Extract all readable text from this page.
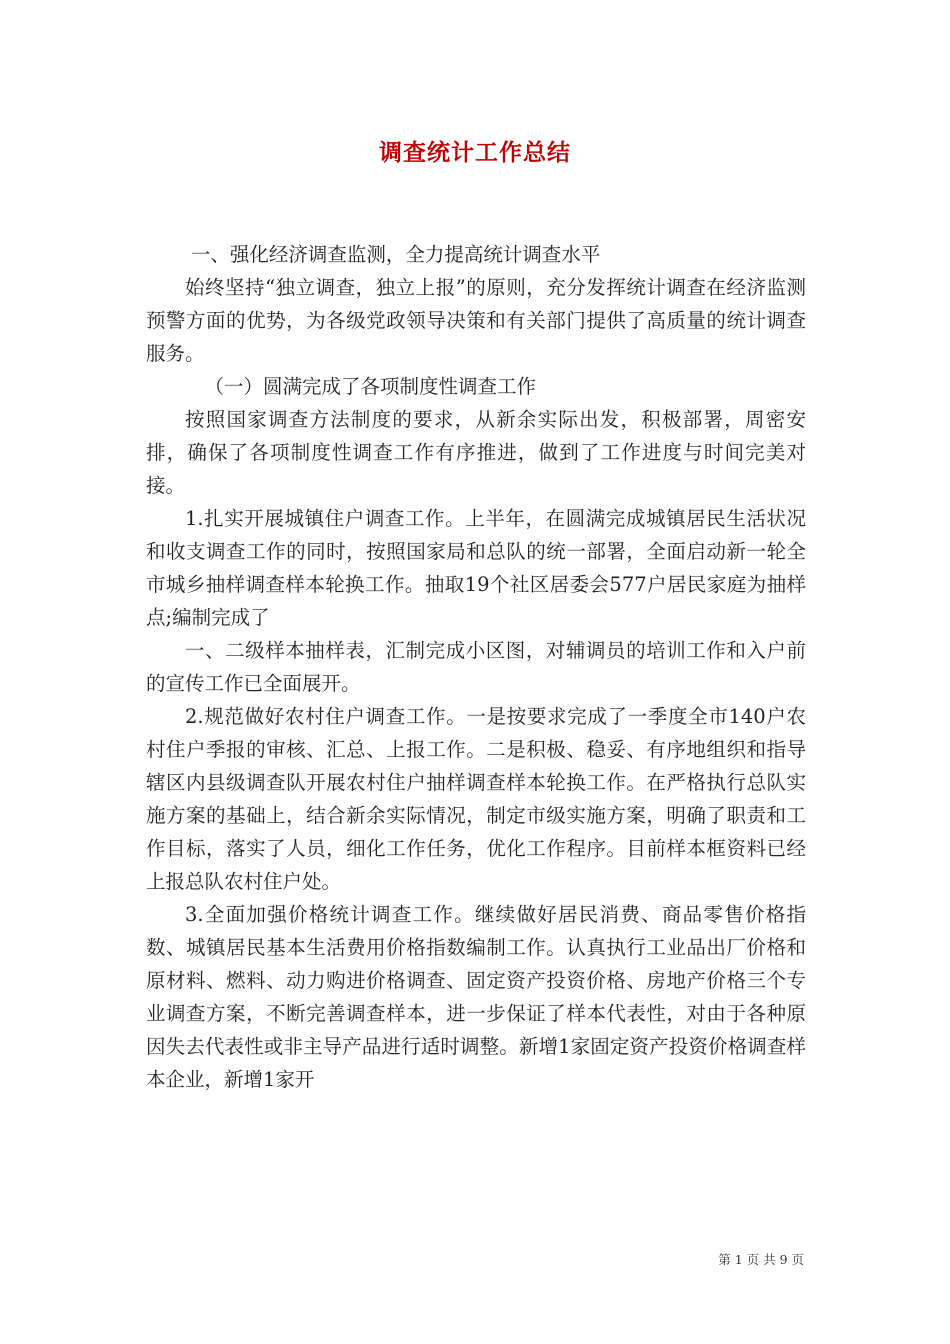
调查统计工作总结

一、强化经济调查监测，全力提高统计调查水平

始终坚持“独立调查，独立上报”的原则，充分发挥统计调查在经济监测预警方面的优势，为各级党政领导决策和有关部门提供了高质量的统计调查服务。

（一）圆满完成了各项制度性调查工作

按照国家调查方法制度的要求，从新余实际出发，积极部署，周密安排，确保了各项制度性调查工作有序推进，做到了工作进度与时间完美对接。

1.扎实开展城镇住户调查工作。上半年，在圆满完成城镇居民生活状况和收支调查工作的同时，按照国家局和总队的统一部署，全面启动新一轮全市城乡抽样调查样本轮换工作。抽取19个社区居委会577户居民家庭为抽样点;编制完成了

一、二级样本抽样表，汇制完成小区图，对辅调员的培训工作和入户前的宣传工作已全面展开。

2.规范做好农村住户调查工作。一是按要求完成了一季度全市140户农村住户季报的审核、汇总、上报工作。二是积极、稳妥、有序地组织和指导辖区内县级调查队开展农村住户抽样调查样本轮换工作。在严格执行总队实施方案的基础上，结合新余实际情况，制定市级实施方案，明确了职责和工作目标，落实了人员，细化工作任务，优化工作程序。目前样本框资料已经上报总队农村住户处。

3.全面加强价格统计调查工作。继续做好居民消费、商品零售价格指数、城镇居民基本生活费用价格指数编制工作。认真执行工业品出厂价格和原材料、燃料、动力购进价格调查、固定资产投资价格、房地产价格三个专业调查方案，不断完善调查样本，进一步保证了样本代表性，对由于各种原因失去代表性或非主导产品进行适时调整。新增1家固定资产投资价格调查样本企业，新增1家开

第 1 页 共 9 页
